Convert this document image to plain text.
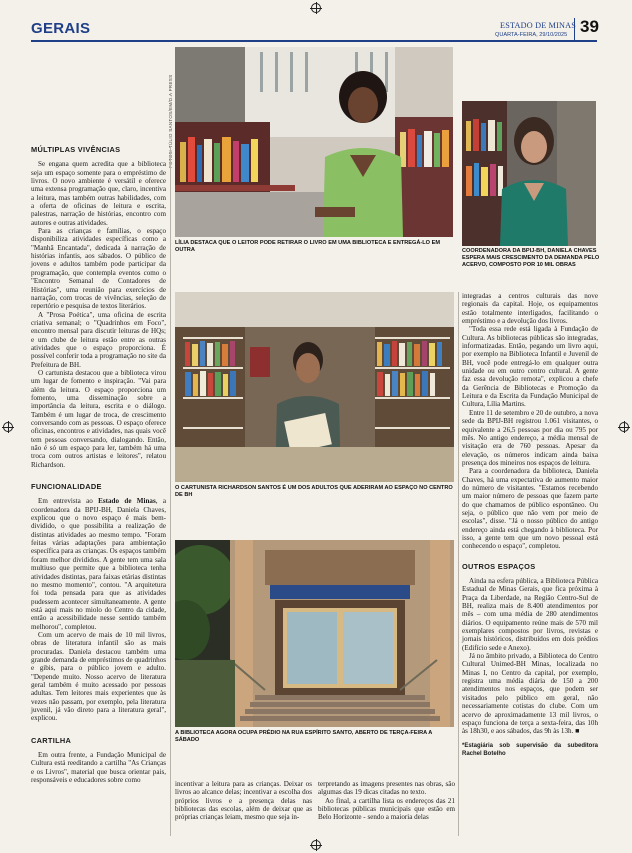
GERAIS	ESTADO DE MINAS
QUARTA-FEIRA, 29/10/2025 39
FOTOS: TÚLIO SANTOS/EM/D.A PRESS
LÍLIA DESTACA QUE O LEITOR PODE RETIRAR O LIVRO EM UMA BIBLIOTECA E ENTREGÁ-LO EM OUTRA	COORDENADORA DA BPIJ-BH, DANIELA CHAVES ESPERA MAIS CRESCIMENTO DA DEMANDA PELO ACERVO, COMPOSTO POR 10 MIL OBRAS
O CARTUNISTA RICHARDSON SANTOS É UM DOS ADULTOS QUE ADERIRAM AO ESPAÇO NO CENTRO DE BH
A BIBLIOTECA AGORA OCUPA PRÉDIO NA RUA ESPÍRITO SANTO, ABERTO DE TERÇA-FEIRA A SÁBADO
MÚLTIPLAS VIVÊNCIAS

Se engana quem acredita que a biblioteca seja um espaço somente para o empréstimo de livros. O novo ambiente é versátil e oferece uma extensa programação que, claro, incentiva a leitura, mas também outras habilidades, com a oferta de oficinas de leitura e escrita, palestras, narração de histórias, encontro com autores e outras atividades.

Para as crianças e famílias, o espaço disponibiliza atividades específicas como a "Manhã Encantada", dedicada à narração de histórias infantis, aos sábados. O público de jovens e adultos também pode participar da programação, que contempla eventos como o "Encontro Semanal de Contadores de Histórias", uma reunião para exercícios de narração, com trocas de vivências, seleção de repertório e pesquisa de textos literários.

A "Prosa Poética", uma oficina de escrita criativa semanal; o "Quadrinhos em Foco", encontro mensal para discutir leituras de HQs; e um clube de leitura estão entre as outras atividades que o espaço proporciona. É possível conferir toda a programação no site da Prefeitura de BH.

O cartunista destacou que a biblioteca virou um lugar de fomento e inspiração. "Vai para além da leitura. O espaço proporciona um fomento, uma disseminação sobre a importância da leitura, escrita e o diálogo. Também é um lugar de troca, de crescimento conversando com as pessoas. O espaço oferece oficinas, encontros e atividades, nas quais você tem pessoas conversando, dialogando. Então, não é só um espaço para ler, também há uma troca com outros artistas e leitores", relatou Richardson.

FUNCIONALIDADE

Em entrevista ao Estado de Minas, a coordenadora da BPIJ-BH, Daniela Chaves, explicou que o novo espaço é mais bem-dividido, o que possibilita a realização de distintas atividades ao mesmo tempo. "Foram feitas várias adaptações para ambientação específica para as crianças. Os espaços também foram melhor divididos. A gente tem uma sala multiuso que permite que a biblioteca tenha atividades distintas, para faixas etárias distintas no mesmo momento", contou. "A arquitetura foi toda pensada para que as atividades pudessem acontecer simultaneamente. A gente está aqui mais no miolo do Centro da cidade, então a acessibilidade nesse sentido também melhorou", completou.

Com um acervo de mais de 10 mil livros, obras de literatura infantil são as mais procuradas. Daniela destacou também uma grande demanda de empréstimos de quadrinhos e gibis, para o público jovem e adulto. "Depende muito. Nosso acervo de literatura geral também é muito acessado por pessoas adultas. Tem leitores mais experientes que às vezes não passam, por exemplo, pela literatura juvenil, já vão direto para a literatura geral", explicou.

CARTILHA

Em outra frente, a Fundação Municipal de Cultura está reeditando a cartilha "As Crianças e os Livros", material que busca orientar pais, responsáveis e educadores sobre como	incentivar a leitura para as crianças. Deixar os livros ao alcance delas; incentivar a escolha dos próprios livros e a presença delas nas bibliotecas das escolas, além de deixar que as próprias crianças leiam, mesmo que seja in-

terpretando as imagens presentes nas obras, são algumas das 19 dicas citadas no texto.

Ao final, a cartilha lista os endereços das 21 bibliotecas públicas municipais que estão em Belo Horizonte - sendo a maioria delas

integradas a centros culturais das nove regionais da capital. Hoje, os equipamentos estão totalmente interligados, facilitando o empréstimo e a devolução dos livros.

"Toda essa rede está ligada à Fundação de Cultura. As bibliotecas públicas são integradas, informatizadas. Então, pegando um livro aqui, por exemplo na Biblioteca Infantil e Juvenil de BH, você pode entregá-lo em qualquer outra unidade ou em outro centro cultural. A gente faz essa devolução remota", explicou a chefe da Gerência de Bibliotecas e Promoção da Leitura e da Escrita da Fundação Municipal de Cultura, Lília Martins.

Entre 11 de setembro e 20 de outubro, a nova sede da BPIJ-BH registrou 1.061 visitantes, o equivalente a 26,5 pessoas por dia ou 795 por mês. No antigo endereço, a média mensal de visitação era de 760 pessoas. Apesar da elevação, os números indicam ainda baixa presença dos mineiros nos espaços de leitura.

Para a coordenadora da biblioteca, Daniela Chaves, há uma expectativa de aumento maior do número de visitantes. "Estamos recebendo um maior número de pessoas que fazem parte do que chamamos de público espontâneo. Ou seja, o público que não vem por meio de escolas", disse. "Já o nosso público do antigo endereço ainda está chegando à biblioteca. Por isso, a gente tem que um novo pessoal está conhecendo o espaço", completou.

OUTROS ESPAÇOS

Ainda na esfera pública, a Biblioteca Pública Estadual de Minas Gerais, que fica próxima à Praça da Liberdade, na Região Centro-Sul de BH, realiza mais de 8.400 atendimentos por mês – com uma média de 280 atendimentos diários. O equipamento reúne mais de 570 mil exemplares compostos por livros, revistas e jornais históricos, distribuídos em dois prédios (Edifício sede e Anexo).

Já no âmbito privado, a Biblioteca do Centro Cultural Unimed-BH Minas, localizada no Minas I, no Centro da capital, por exemplo, registra uma média diária de 150 a 200 atendimentos nos espaços, que podem ser visitados pelo público em geral, não necessariamente cotistas do clube. Com um acervo de aproximadamente 13 mil livros, o espaço funciona de terça a sexta-feira, das 10h às 18h30, e aos sábados, das 9h às 13h. ■

*Estagiária sob supervisão da subeditora Rachel Botelho
